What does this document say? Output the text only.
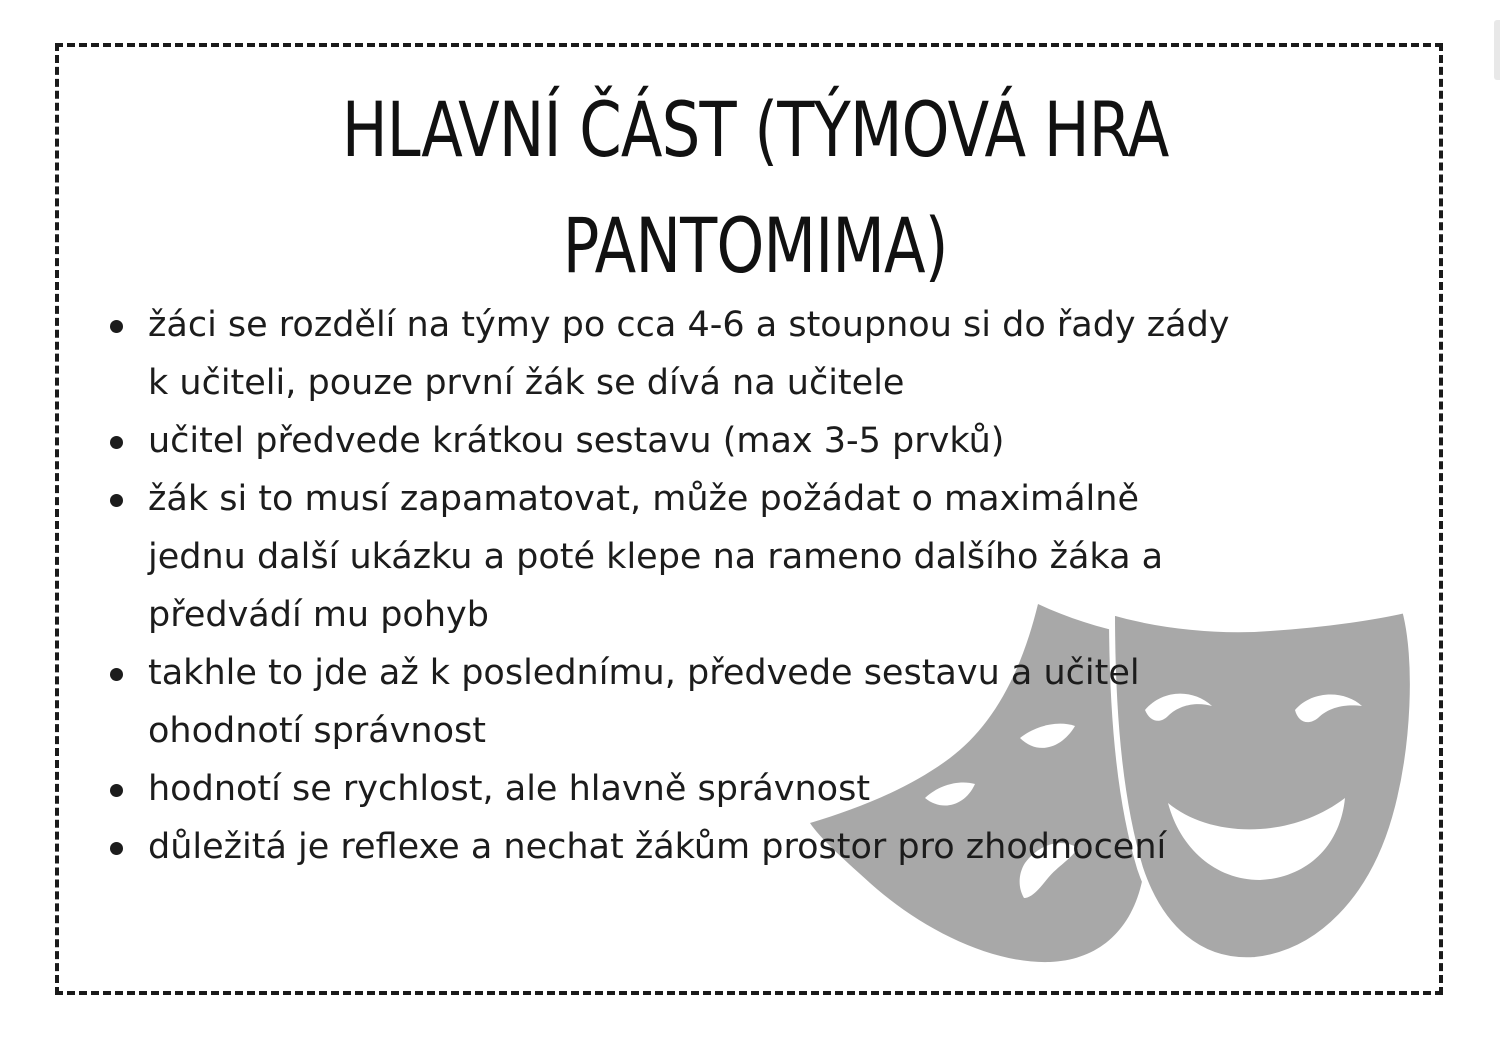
HLAVNÍ ČÁST (TÝMOVÁ HRA
PANTOMIMA)
žáci se rozdělí na týmy po cca 4-6 a stoupnou si do řady zády
k učiteli, pouze první žák se dívá na učitele
učitel předvede krátkou sestavu (max 3-5 prvků)
žák si to musí zapamatovat, může požádat o maximálně
jednu další ukázku a poté klepe na rameno dalšího žáka a
předvádí mu pohyb
takhle to jde až k poslednímu, předvede sestavu a učitel
ohodnotí správnost
hodnotí se rychlost, ale hlavně správnost
důležitá je reflexe a nechat žákům prostor pro zhodnocení
